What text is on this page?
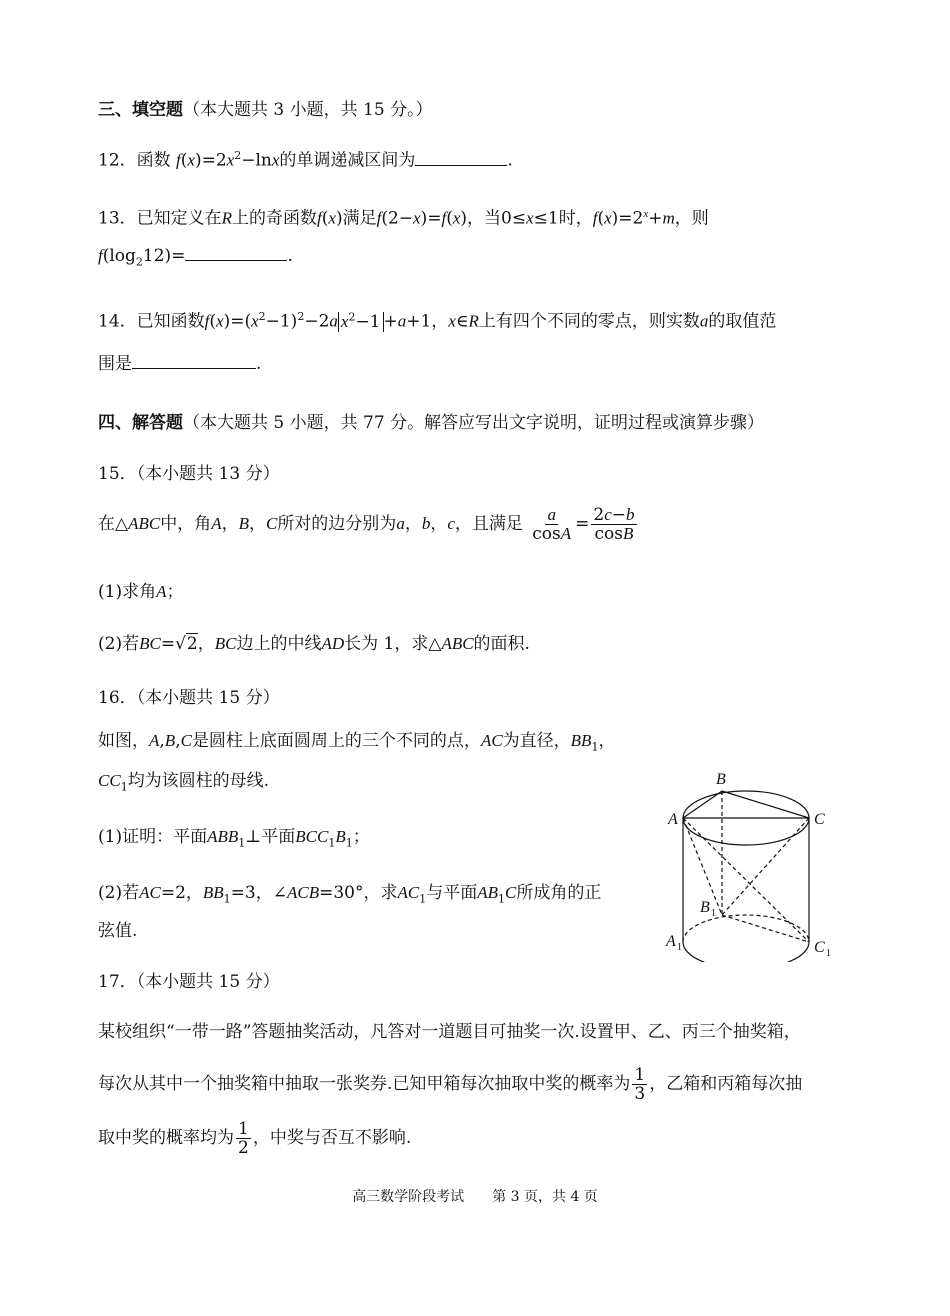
三、填空题（本大题共 3 小题，共 15 分。）
12．函数 $f(x)=2x^2-\ln x$的单调递减区间为	.
13．已知定义在R上的奇函数f(x)满足f(2−x)=f(x)，当0≤x≤1时，$f(x)=2^x+m$，则
$f(\log_212)=$	.
14．已知函数$f(x)=(x^2-1)^2-2a$ $x^2-1 +a+1$，x∈R上有四个不同的零点，则实数a的取值范
围是	.
四、解答题（本大题共 5 小题，共 77 分。解答应写出文字说明，证明过程或演算步骤）
15．（本小题共 13 分）
在△ABC中，角A，B，C所对的边分别为a，b，c，且满足 $\frac{a}{\cos A} = \frac{2c-b}{\cos B}$
(1)求角A；
(2)若BC=√2，BC边上的中线AD长为 1，求△ABC的面积.
16．（本小题共 15 分）
如图，A,B,C是圆柱上底面圆周上的三个不同的点，AC为直径，$BB_1$，
$CC_1$均为该圆柱的母线.
(1)证明：平面$ABB_1\perp$平面$BCC_1B_1$；
(2)若AC=2，$BB_1=3$，∠ACB=30°，求$AC_1$与平面$AB_1C$所成角的正
弦值.
B
A	C
B 1
A 1	C 1
17．（本小题共 15 分）
某校组织“一带一路”答题抽奖活动，凡答对一道题目可抽奖一次.设置甲、乙、丙三个抽奖箱，
每次从其中一个抽奖箱中抽取一张奖券.已知甲箱每次抽取中奖的概率为 $\frac{1}{3}$ ，乙箱和丙箱每次抽
取中奖的概率均为 $\frac{1}{2}$ ，中奖与否互不影响.
高三数学阶段考试 第 3 页，共 4 页
